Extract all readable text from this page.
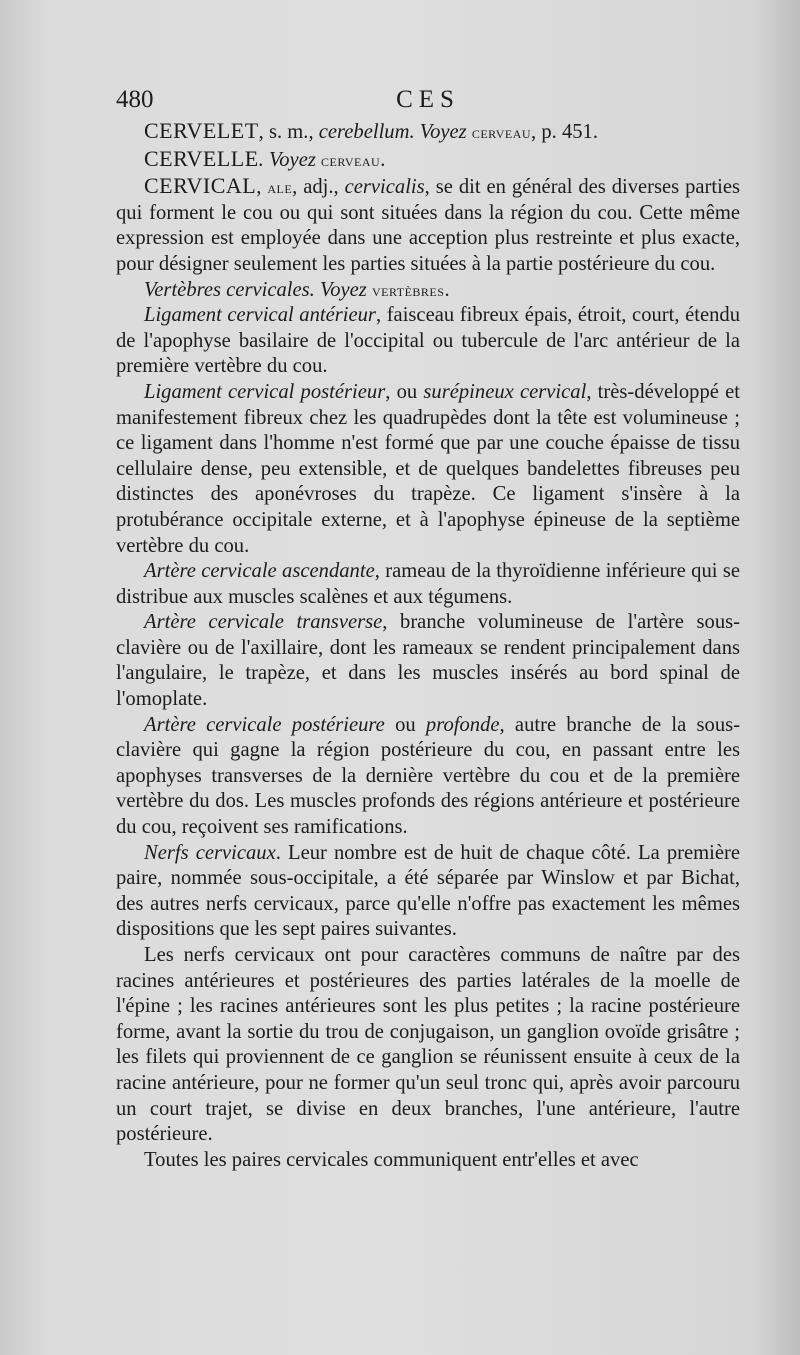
480	CES

CERVELET, s. m., cerebellum. Voyez cerveau, p. 451.

CERVELLE. Voyez cerveau.

CERVICAL, ale, adj., cervicalis, se dit en général des diverses parties qui forment le cou ou qui sont situées dans la région du cou. Cette même expression est employée dans une acception plus restreinte et plus exacte, pour désigner seulement les parties situées à la partie postérieure du cou.

Vertèbres cervicales. Voyez vertèbres.

Ligament cervical antérieur, faisceau fibreux épais, étroit, court, étendu de l'apophyse basilaire de l'occipital ou tubercule de l'arc antérieur de la première vertèbre du cou.

Ligament cervical postérieur, ou surépineux cervical, très-développé et manifestement fibreux chez les quadrupèdes dont la tête est volumineuse ; ce ligament dans l'homme n'est formé que par une couche épaisse de tissu cellulaire dense, peu extensible, et de quelques bandelettes fibreuses peu distinctes des aponévroses du trapèze. Ce ligament s'insère à la protubérance occipitale externe, et à l'apophyse épineuse de la septième vertèbre du cou.

Artère cervicale ascendante, rameau de la thyroïdienne inférieure qui se distribue aux muscles scalènes et aux tégumens.

Artère cervicale transverse, branche volumineuse de l'artère sous-clavière ou de l'axillaire, dont les rameaux se rendent principalement dans l'angulaire, le trapèze, et dans les muscles insérés au bord spinal de l'omoplate.

Artère cervicale postérieure ou profonde, autre branche de la sous-clavière qui gagne la région postérieure du cou, en passant entre les apophyses transverses de la dernière vertèbre du cou et de la première vertèbre du dos. Les muscles profonds des régions antérieure et postérieure du cou, reçoivent ses ramifications.

Nerfs cervicaux. Leur nombre est de huit de chaque côté. La première paire, nommée sous-occipitale, a été séparée par Winslow et par Bichat, des autres nerfs cervicaux, parce qu'elle n'offre pas exactement les mêmes dispositions que les sept paires suivantes.

Les nerfs cervicaux ont pour caractères communs de naître par des racines antérieures et postérieures des parties latérales de la moelle de l'épine ; les racines antérieures sont les plus petites ; la racine postérieure forme, avant la sortie du trou de conjugaison, un ganglion ovoïde grisâtre ; les filets qui proviennent de ce ganglion se réunissent ensuite à ceux de la racine antérieure, pour ne former qu'un seul tronc qui, après avoir parcouru un court trajet, se divise en deux branches, l'une antérieure, l'autre postérieure.

Toutes les paires cervicales communiquent entr'elles et avec
